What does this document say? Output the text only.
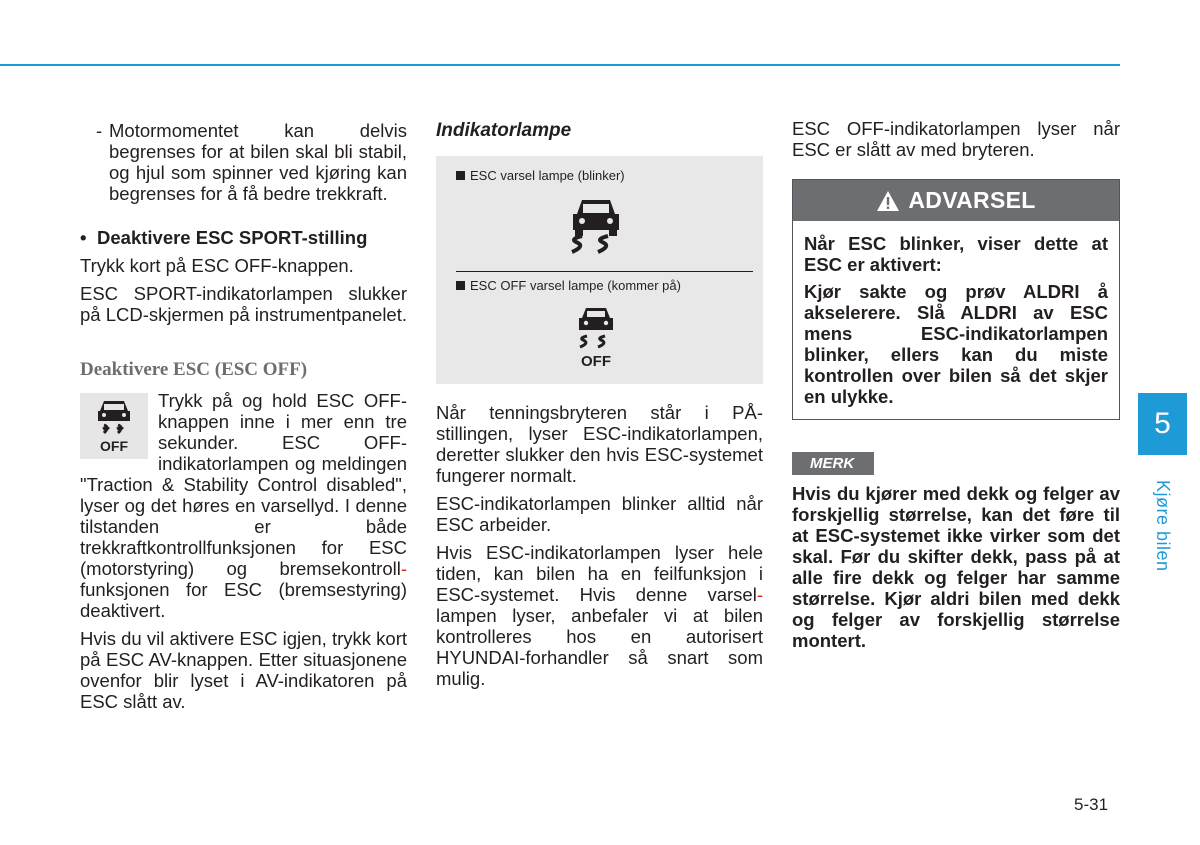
- Motormomentet kan delvis begrenses for at bilen skal bli stabil, og hjul som spinner ved kjøring kan begrenses for å få bedre trekkraft.

• Deaktivere ESC SPORT-stilling

Trykk kort på ESC OFF-knappen.

ESC SPORT-indikatorlampen slukker på LCD-skjermen på instrumentpanelet.

Deaktivere ESC (ESC OFF)
OFF

Trykk på og hold ESC OFF-knappen inne i mer enn tre sekunder. ESC OFF-indikatorlampen og meldingen "Traction & Stability Control disabled", lyser og det høres en varsellyd. I denne tilstanden er både trekkraftkontrollfunksjonen for ESC (motorstyring) og bremsekontroll- funksjonen for ESC (bremsestyring) deaktivert.

Hvis du vil aktivere ESC igjen, trykk kort på ESC AV-knappen. Etter situasjonene ovenfor blir lyset i AV-indikatoren på ESC slått av.

Indikatorlampe
ESC varsel lampe (blinker)
ESC OFF varsel lampe (kommer på)
OFF

Når tenningsbryteren står i PÅ-stillingen, lyser ESC-indikatorlampen, deretter slukker den hvis ESC-systemet fungerer normalt.

ESC-indikatorlampen blinker alltid når ESC arbeider.

Hvis ESC-indikatorlampen lyser hele tiden, kan bilen ha en feilfunksjon i ESC-systemet. Hvis denne varsel- lampen lyser, anbefaler vi at bilen kontrolleres hos en autorisert HYUNDAI-forhandler så snart som mulig.

ESC OFF-indikatorlampen lyser når ESC er slått av med bryteren.

ADVARSEL

Når ESC blinker, viser dette at ESC er aktivert:

Kjør sakte og prøv ALDRI å akselerere. Slå ALDRI av ESC mens ESC-indikatorlampen blinker, ellers kan du miste kontrollen over bilen så det skjer en ulykke.

MERK

Hvis du kjører med dekk og felger av forskjellig størrelse, kan det føre til at ESC-systemet ikke virker som det skal. Før du skifter dekk, pass på at alle fire dekk og felger har samme størrelse. Kjør aldri bilen med dekk og felger av forskjellig størrelse montert.

5
Kjøre bilen
5-31
